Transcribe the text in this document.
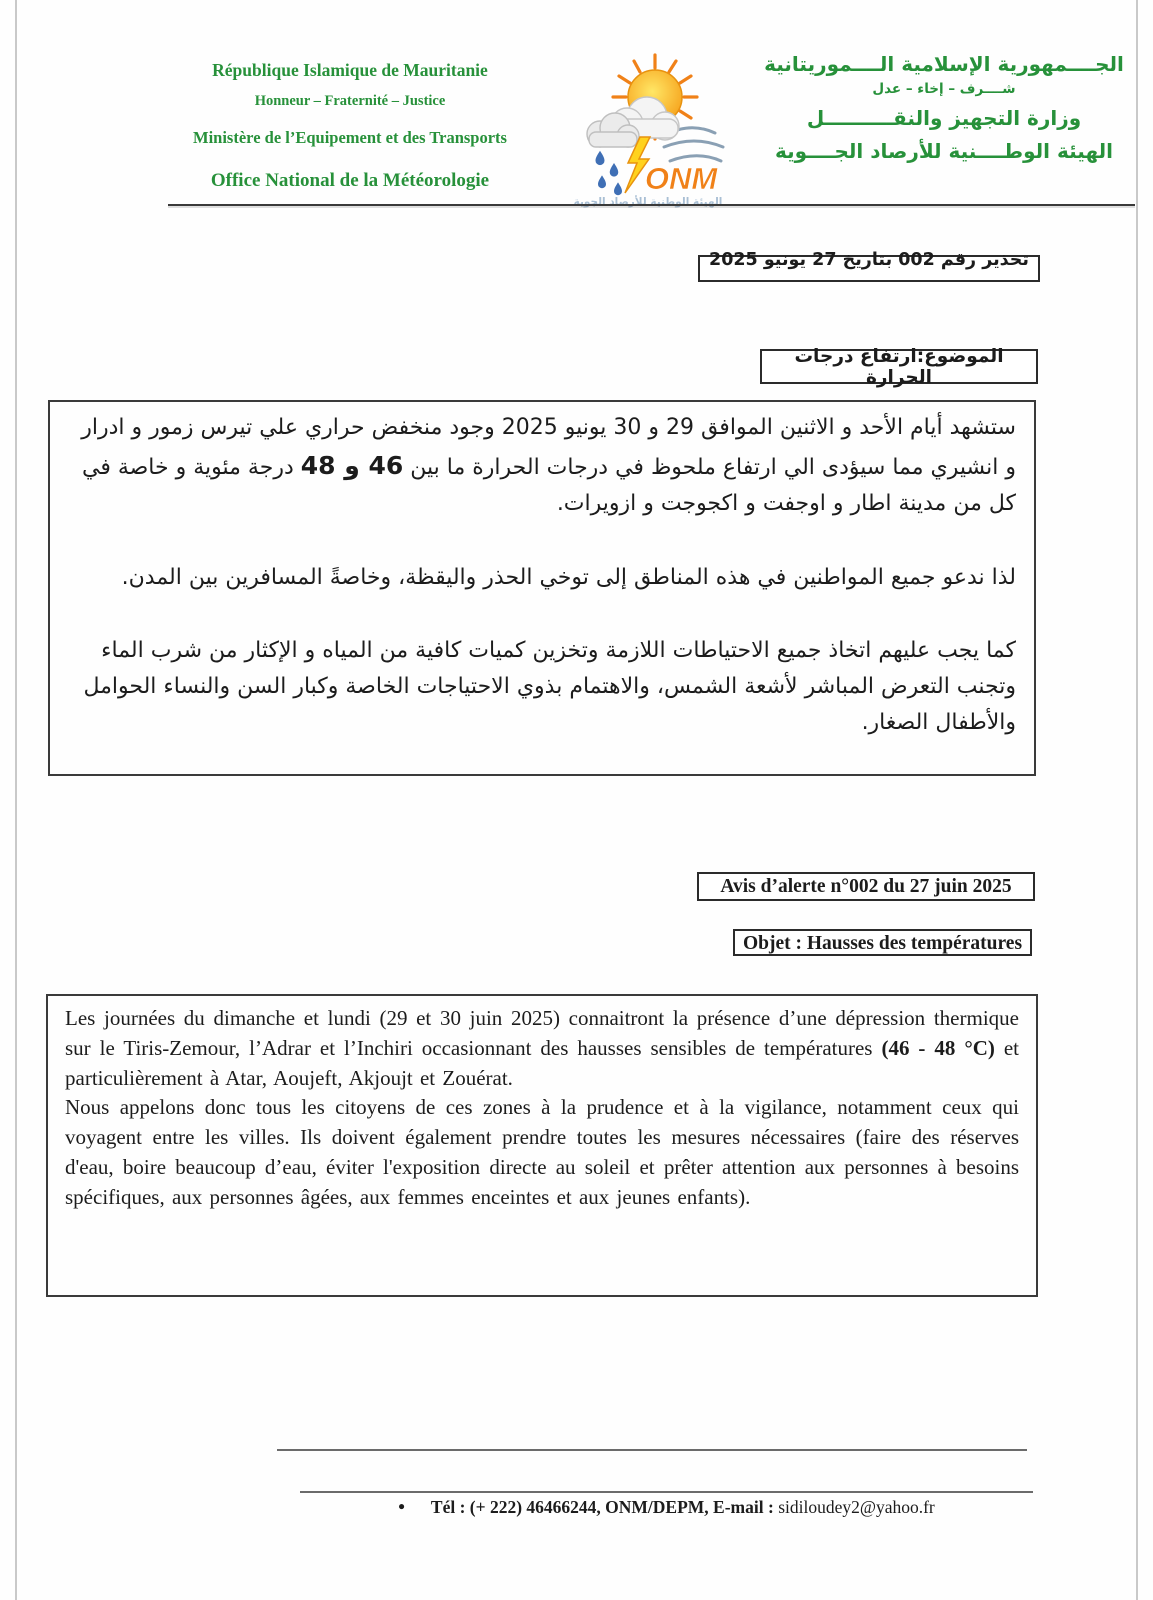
République Islamique de Mauritanie
Honneur – Fraternité – Justice
Ministère de l’Equipement et des Transports
Office National de la Météorologie	ONM
الهيئة الوطنية للأرصاد الجوية
الجــــمهورية الإسلامية الــــموريتانية
شــــرف – إخاء – عدل
وزارة التجهيز والنقــــــــــل
الهيئة الوطــــنية للأرصاد الجــــوية
تحذير رقم 002 بتاريخ 27 يونيو 2025
الموضوع:ارتفاع درجات الحرارة

ستشهد أيام الأحد و الاثنين الموافق 29 و 30 يونيو 2025 وجود منخفض حراري علي تيرس زمور و ادرار و انشيري مما سيؤدى الي ارتفاع ملحوظ في درجات الحرارة ما بين 46 و 48 درجة مئوية و خاصة في كل من مدينة اطار و اوجفت و اكجوجت و ازويرات.

لذا ندعو جميع المواطنين في هذه المناطق إلى توخي الحذر واليقظة، وخاصةً المسافرين بين المدن.

كما يجب عليهم اتخاذ جميع الاحتياطات اللازمة وتخزين كميات كافية من المياه و الإكثار من شرب الماء وتجنب التعرض المباشر لأشعة الشمس، والاهتمام بذوي الاحتياجات الخاصة وكبار السن والنساء الحوامل والأطفال الصغار.

Avis d’alerte n°002 du 27 juin 2025
Objet : Hausses des températures

Les journées du dimanche et lundi (29 et 30 juin 2025) connaitront la présence d’une dépression thermique sur le Tiris-Zemour, l’Adrar et l’Inchiri occasionnant des hausses sensibles de températures (46 - 48 °C) et particulièrement à Atar, Aoujeft, Akjoujt et Zouérat.

Nous appelons donc tous les citoyens de ces zones à la prudence et à la vigilance, notamment ceux qui voyagent entre les villes. Ils doivent également prendre toutes les mesures nécessaires (faire des réserves d'eau, boire beaucoup d’eau, éviter l'exposition directe au soleil et prêter attention aux personnes à besoins spécifiques, aux personnes âgées, aux femmes enceintes et aux jeunes enfants).

• Tél : (+ 222) 46466244, ONM/DEPM, E-mail : sidiloudey2@yahoo.fr
